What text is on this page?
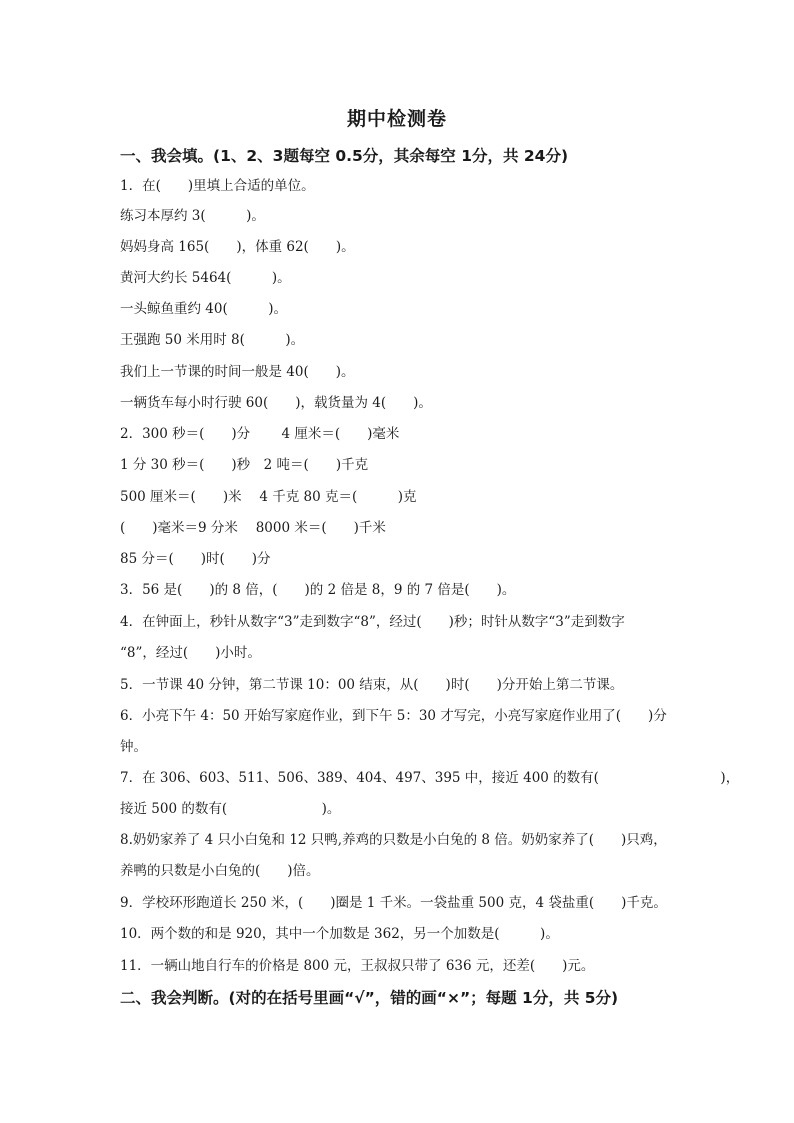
期中检测卷
一、我会填。(1、2、3题每空 0.5分，其余每空 1分，共 24分)
1．在(　　)里填上合适的单位。
练习本厚约 3(　　　)。
妈妈身高 165(　　)，体重 62(　　)。
黄河大约长 5464(　　　)。
一头鲸鱼重约 40(　　　)。
王强跑 50 米用时 8(　　　)。
我们上一节课的时间一般是 40(　　)。
一辆货车每小时行驶 60(　　)，载货量为 4(　　)。
2．300 秒＝(　　)分　　 4 厘米＝(　　)毫米
1 分 30 秒＝(　　)秒　2 吨＝(　　)千克
500 厘米＝(　　)米　 4 千克 80 克＝(　　　)克
(　　)毫米＝9 分米　 8000 米＝(　　)千米
85 分＝(　　)时(　　)分
3．56 是(　　)的 8 倍，(　　)的 2 倍是 8，9 的 7 倍是(　　)。
4．在钟面上，秒针从数字“3”走到数字“8”，经过(　　)秒；时针从数字“3”走到数字
“8”，经过(　　)小时。
5．一节课 40 分钟，第二节课 10：00 结束，从(　　)时(　　)分开始上第二节课。
6．小亮下午 4：50 开始写家庭作业，到下午 5：30 才写完，小亮写家庭作业用了(　　)分
钟。
7．在 306、603、511、506、389、404、497、395 中，接近 400 的数有(　　　　　　　　　)，
接近 500 的数有(　　　　　　　)。
8.奶奶家养了 4 只小白兔和 12 只鸭,养鸡的只数是小白兔的 8 倍。奶奶家养了(　　)只鸡，
养鸭的只数是小白兔的(　　)倍。
9．学校环形跑道长 250 米，(　　)圈是 1 千米。一袋盐重 500 克，4 袋盐重(　　)千克。
10．两个数的和是 920，其中一个加数是 362，另一个加数是(　　　)。
11．一辆山地自行车的价格是 800 元，王叔叔只带了 636 元，还差(　　)元。
二、我会判断。(对的在括号里画“√”，错的画“×”；每题 1分，共 5分)
